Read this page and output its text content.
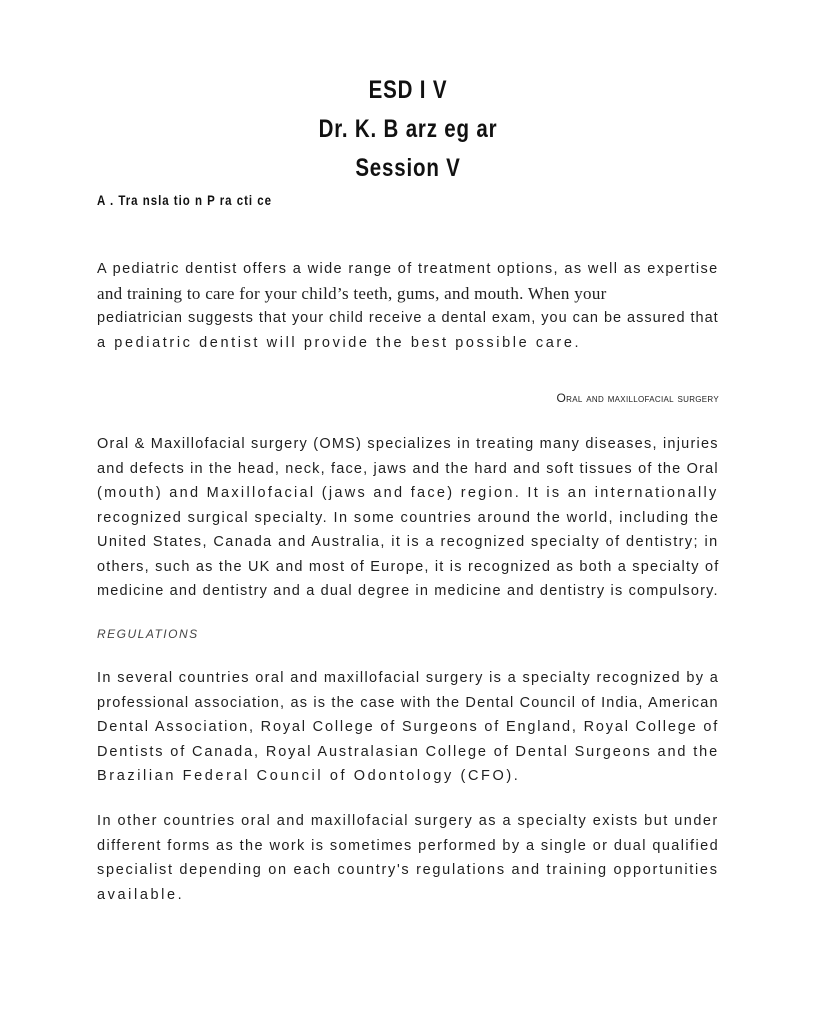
ESD I V
Dr. K. B arz eg ar
Session V
A . Tra nsla tio n P ra cti ce
A pediatric dentist offers a wide range of treatment options, as well as expertise
and training to care for your child’s teeth, gums, and mouth. When your
pediatrician suggests that your child receive a dental exam, you can be assured that
a pediatric dentist will provide the best possible care.
Oral and maxillofacial surgery
Oral & Maxillofacial surgery (OMS) specializes in treating many diseases, injuries
and defects in the head, neck, face, jaws and the hard and soft tissues of the Oral
(mouth) and Maxillofacial (jaws and face) region. It is an internationally
recognized surgical specialty. In some countries around the world, including the
United States, Canada and Australia, it is a recognized specialty of dentistry; in
others, such as the UK and most of Europe, it is recognized as both a specialty of
medicine and dentistry and a dual degree in medicine and dentistry is compulsory.
REGULATIONS
In several countries oral and maxillofacial surgery is a specialty recognized by a
professional association, as is the case with the Dental Council of India, American
Dental Association, Royal College of Surgeons of England, Royal College of
Dentists of Canada, Royal Australasian College of Dental Surgeons and the
Brazilian Federal Council of Odontology (CFO).
In other countries oral and maxillofacial surgery as a specialty exists but under
different forms as the work is sometimes performed by a single or dual qualified
specialist depending on each country's regulations and training opportunities
available.
